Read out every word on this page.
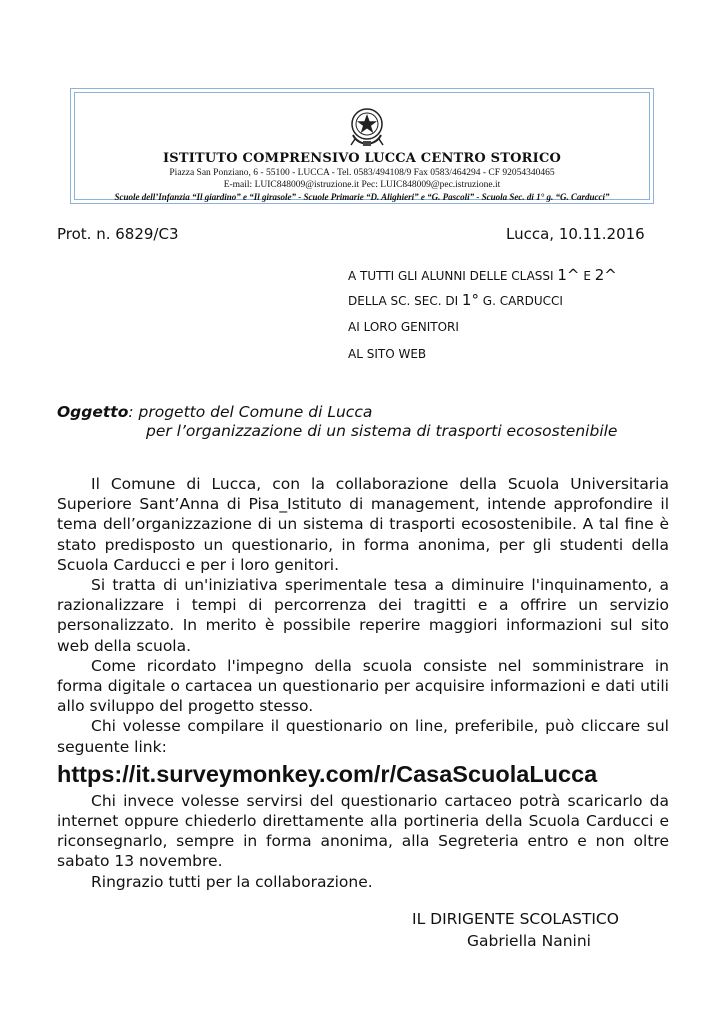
ISTITUTO COMPRENSIVO LUCCA CENTRO STORICO
Piazza San Ponziano, 6 - 55100 - LUCCA - Tel. 0583/494108/9 Fax 0583/464294 - CF 92054340465
E-mail: LUIC848009@istruzione.it Pec: LUIC848009@pec.istruzione.it
Scuole dell’Infanzia “Il giardino” e “Il girasole” - Scuole Primarie “D. Alighieri” e “G. Pascoli” - Scuola Sec. di 1° g. “G. Carducci”
Prot. n. 6829/C3	Lucca, 10.11.2016
A TUTTI GLI ALUNNI DELLE CLASSI 1^ E 2^
DELLA SC. SEC. DI 1° G. CARDUCCI
AI LORO GENITORI
AL SITO WEB
Oggetto: progetto del Comune di Lucca
per l’organizzazione di un sistema di trasporti ecosostenibile

Il Comune di Lucca, con la collaborazione della Scuola Universitaria Superiore Sant’Anna di Pisa_Istituto di management, intende approfondire il tema dell’organizzazione di un sistema di trasporti ecosostenibile. A tal fine è stato predisposto un questionario, in forma anonima, per gli studenti della Scuola Carducci e per i loro genitori.

Si tratta di un'iniziativa sperimentale tesa a diminuire l'inquinamento, a razionalizzare i tempi di percorrenza dei tragitti e a offrire un servizio personalizzato. In merito è possibile reperire maggiori informazioni sul sito web della scuola.

Come ricordato l'impegno della scuola consiste nel somministrare in forma digitale o cartacea un questionario per acquisire informazioni e dati utili allo sviluppo del progetto stesso.

Chi volesse compilare il questionario on line, preferibile, può cliccare sul seguente link:

https://it.surveymonkey.com/r/CasaScuolaLucca

Chi invece volesse servirsi del questionario cartaceo potrà scaricarlo da internet oppure chiederlo direttamente alla portineria della Scuola Carducci e riconsegnarlo, sempre in forma anonima, alla Segreteria entro e non oltre sabato 13 novembre.

Ringrazio tutti per la collaborazione.

IL DIRIGENTE SCOLASTICO
Gabriella Nanini
